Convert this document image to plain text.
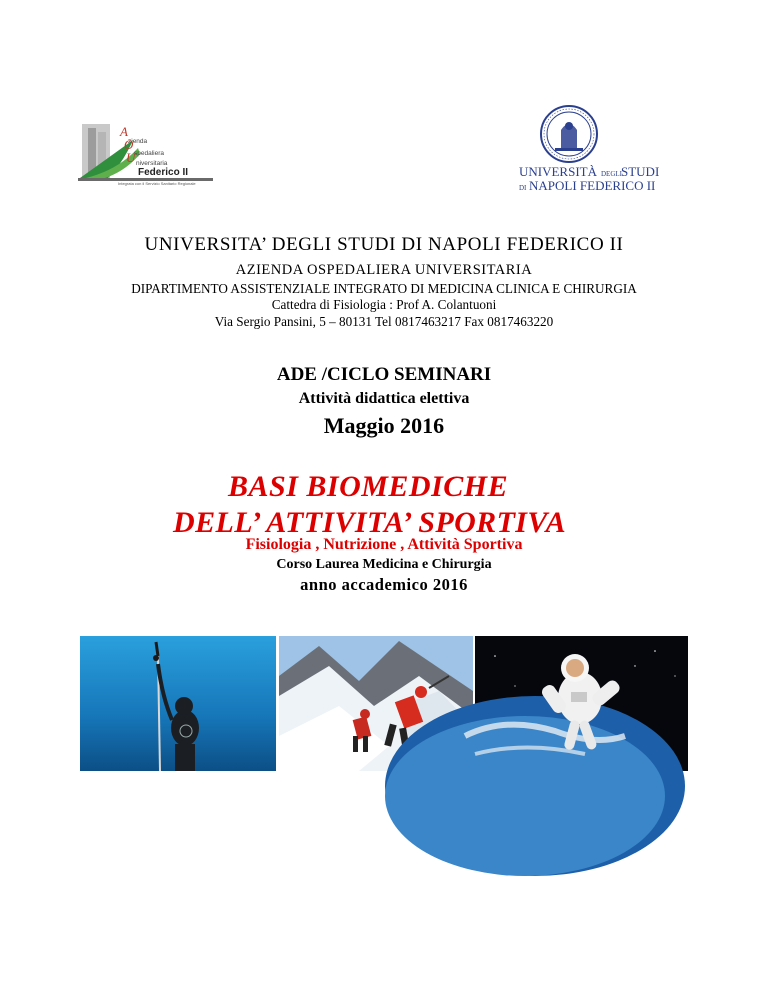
A
zienda
O
spedaliera
U niversitaria
Federico II
Integrata con il Servizio Sanitario Regionale
UNIVERSITÀ DEGLI STUDI
DI NAPOLI FEDERICO II
UNIVERSITA’ DEGLI STUDI DI NAPOLI FEDERICO II
AZIENDA OSPEDALIERA UNIVERSITARIA
DIPARTIMENTO ASSISTENZIALE INTEGRATO DI MEDICINA CLINICA E CHIRURGIA
Cattedra di Fisiologia : Prof A. Colantuoni
Via Sergio Pansini, 5 – 80131 Tel 0817463217 Fax 0817463220
ADE /CICLO SEMINARI
Attività didattica elettiva
Maggio 2016
BASI BIOMEDICHE
DELL’ ATTIVITA’ SPORTIVA
Fisiologia , Nutrizione , Attività Sportiva
Corso Laurea Medicina e Chirurgia
anno accademico 2016
